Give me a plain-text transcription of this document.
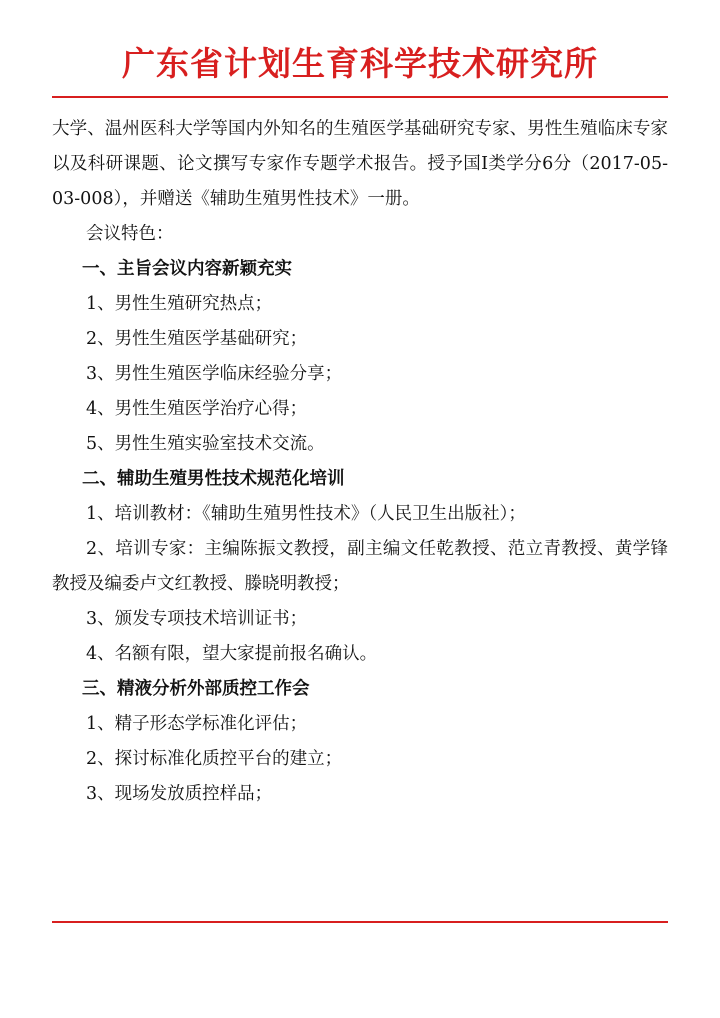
广东省计划生育科学技术研究所

大学、温州医科大学等国内外知名的生殖医学基础研究专家、男性生殖临床专家以及科研课题、论文撰写专家作专题学术报告。授予国Ⅰ类学分6分（2017-05-03-008），并赠送《辅助生殖男性技术》一册。

会议特色：

一、主旨会议内容新颖充实

1、男性生殖研究热点；

2、男性生殖医学基础研究；

3、男性生殖医学临床经验分享；

4、男性生殖医学治疗心得；

5、男性生殖实验室技术交流。

二、辅助生殖男性技术规范化培训

1、培训教材：《辅助生殖男性技术》（人民卫生出版社）；

2、培训专家：主编陈振文教授，副主编文任乾教授、范立青教授、黄学锋教授及编委卢文红教授、滕晓明教授；

3、颁发专项技术培训证书；

4、名额有限，望大家提前报名确认。

三、精液分析外部质控工作会

1、精子形态学标准化评估；

2、探讨标准化质控平台的建立；

3、现场发放质控样品；
